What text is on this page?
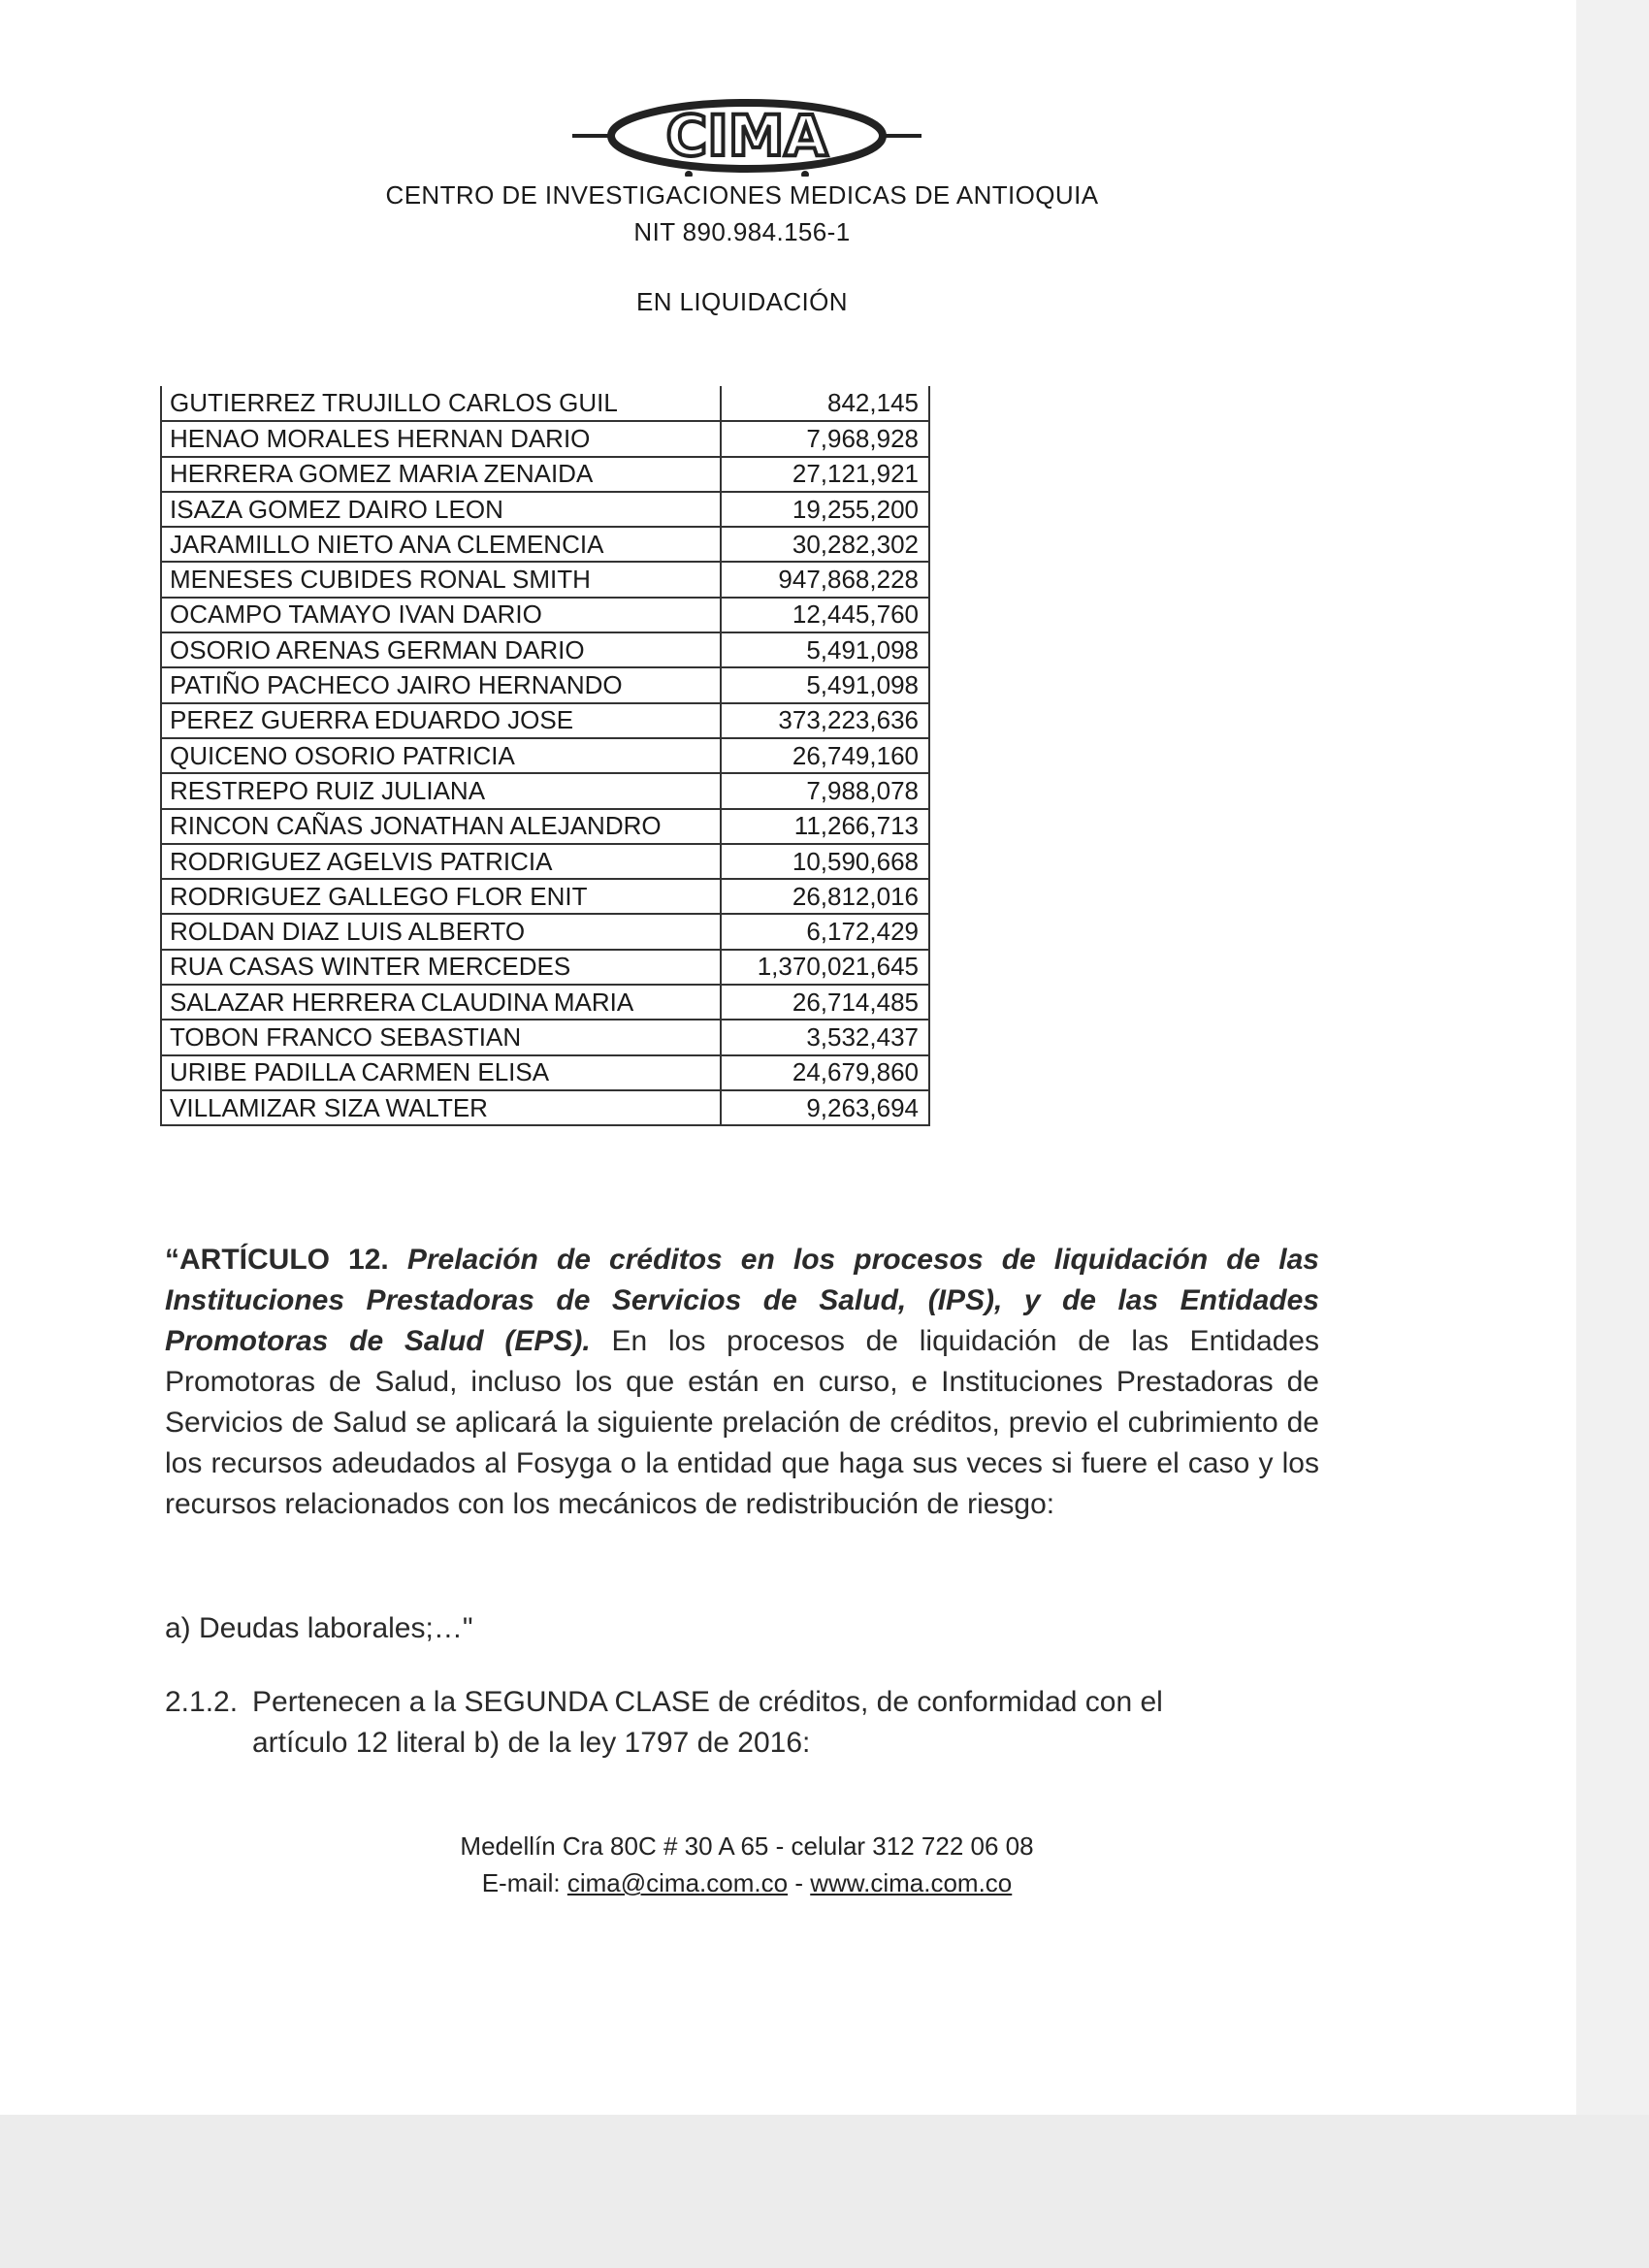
CIMA
CENTRO DE INVESTIGACIONES MEDICAS DE ANTIOQUIA
NIT 890.984.156-1
EN LIQUIDACIÓN
GUTIERREZ TRUJILLO CARLOS GUIL	842,145
HENAO MORALES HERNAN DARIO	7,968,928
HERRERA GOMEZ MARIA ZENAIDA	27,121,921
ISAZA GOMEZ DAIRO LEON	19,255,200
JARAMILLO NIETO ANA CLEMENCIA	30,282,302
MENESES CUBIDES RONAL SMITH	947,868,228
OCAMPO TAMAYO IVAN DARIO	12,445,760
OSORIO ARENAS GERMAN DARIO	5,491,098
PATIÑO PACHECO JAIRO HERNANDO	5,491,098
PEREZ GUERRA EDUARDO JOSE	373,223,636
QUICENO OSORIO PATRICIA	26,749,160
RESTREPO RUIZ JULIANA	7,988,078
RINCON CAÑAS JONATHAN ALEJANDRO	11,266,713
RODRIGUEZ AGELVIS PATRICIA	10,590,668
RODRIGUEZ GALLEGO FLOR ENIT	26,812,016
ROLDAN DIAZ LUIS ALBERTO	6,172,429
RUA CASAS WINTER MERCEDES	1,370,021,645
SALAZAR HERRERA CLAUDINA MARIA	26,714,485
TOBON FRANCO SEBASTIAN	3,532,437
URIBE PADILLA CARMEN ELISA	24,679,860
VILLAMIZAR SIZA WALTER	9,263,694
“ARTÍCULO 12. Prelación de créditos en los procesos de liquidación de las Instituciones Prestadoras de Servicios de Salud, (IPS), y de las Entidades Promotoras de Salud (EPS). En los procesos de liquidación de las Entidades Promotoras de Salud, incluso los que están en curso, e Instituciones Prestadoras de Servicios de Salud se aplicará la siguiente prelación de créditos, previo el cubrimiento de los recursos adeudados al Fosyga o la entidad que haga sus veces si fuere el caso y los recursos relacionados con los mecánicos de redistribución de riesgo:
a) Deudas laborales;…"
2.1.2. Pertenecen a la SEGUNDA CLASE de créditos, de conformidad con el
artículo 12 literal b) de la ley 1797 de 2016:
Medellín Cra 80C # 30 A 65 - celular 312 722 06 08
E-mail: cima@cima.com.co - www.cima.com.co
